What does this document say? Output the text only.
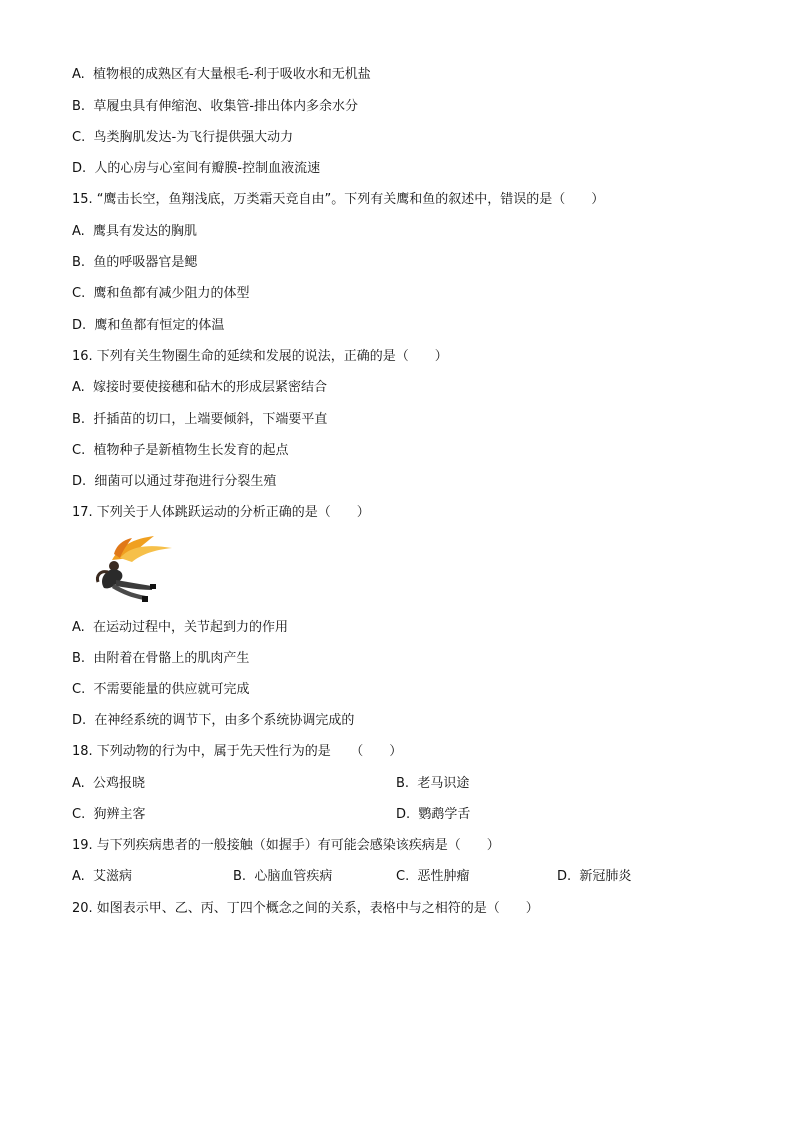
A.  植物根的成熟区有大量根毛-利于吸收水和无机盐
B.  草履虫具有伸缩泡、收集管-排出体内多余水分
C.  鸟类胸肌发达-为飞行提供强大动力
D.  人的心房与心室间有瓣膜-控制血液流速
15. “鹰击长空，鱼翔浅底，万类霜天竞自由”。下列有关鹰和鱼的叙述中，错误的是（　　）
A.  鹰具有发达的胸肌
B.  鱼的呼吸器官是鳃
C.  鹰和鱼都有减少阻力的体型
D.  鹰和鱼都有恒定的体温
16. 下列有关生物圈生命的延续和发展的说法，正确的是（　　）
A.  嫁接时要使接穗和砧木的形成层紧密结合
B.  扦插苗的切口，上端要倾斜，下端要平直
C.  植物种子是新植物生长发育的起点
D.  细菌可以通过芽孢进行分裂生殖
17. 下列关于人体跳跃运动的分析正确的是（　　）
A.  在运动过程中，关节起到力的作用
B.  由附着在骨骼上的肌肉产生
C.  不需要能量的供应就可完成
D.  在神经系统的调节下，由多个系统协调完成的
18. 下列动物的行为中，属于先天性行为的是　　（　　）
A.  公鸡报晓	B.  老马识途
C.  狗辨主客	D.  鹦鹉学舌
19. 与下列疾病患者的一般接触（如握手）有可能会感染该疾病是（　　）
A.  艾滋病	B.  心脑血管疾病	C.  恶性肿瘤	D.  新冠肺炎
20. 如图表示甲、乙、丙、丁四个概念之间的关系，表格中与之相符的是（　　）
